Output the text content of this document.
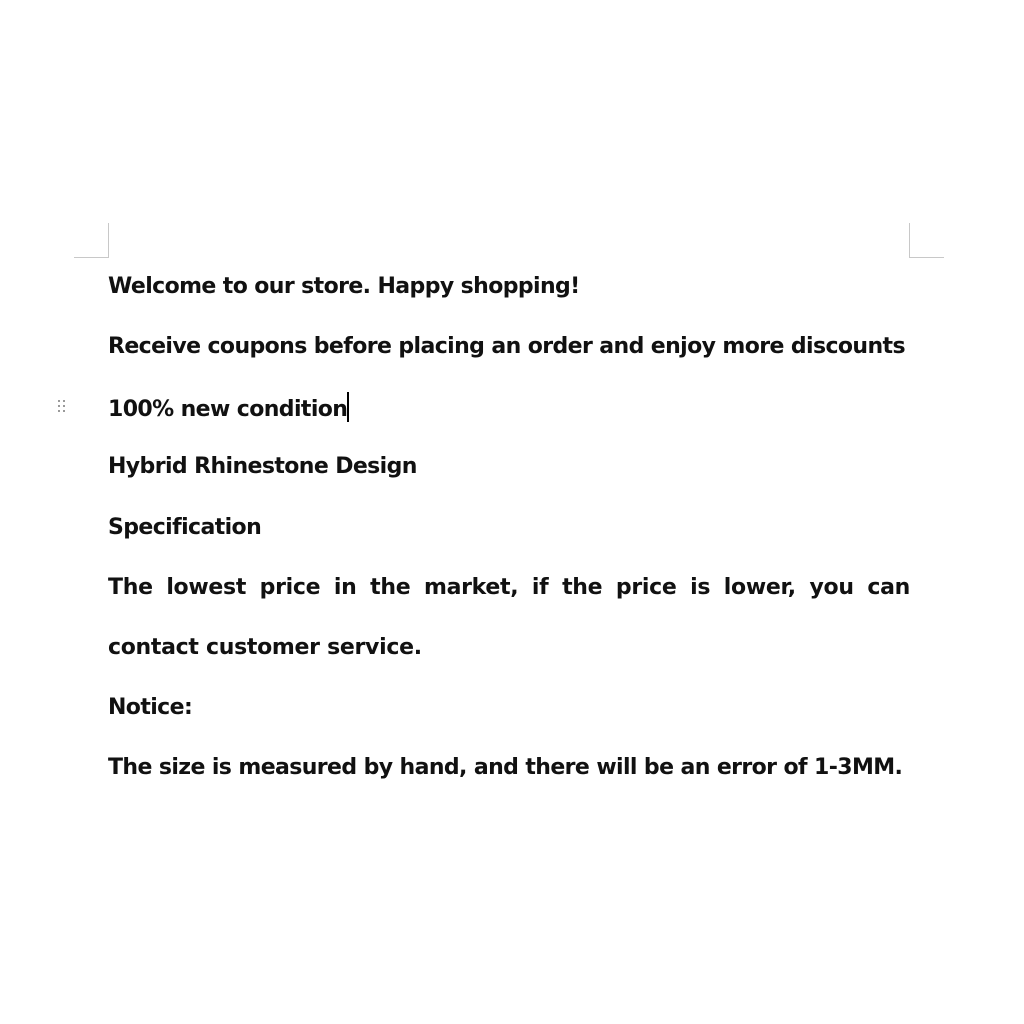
Welcome to our store. Happy shopping!

Receive coupons before placing an order and enjoy more discounts

100% new condition

Hybrid Rhinestone Design

Specification

The lowest price in the market, if the price is lower, you can contact customer service.

Notice:

The size is measured by hand, and there will be an error of 1-3MM.
